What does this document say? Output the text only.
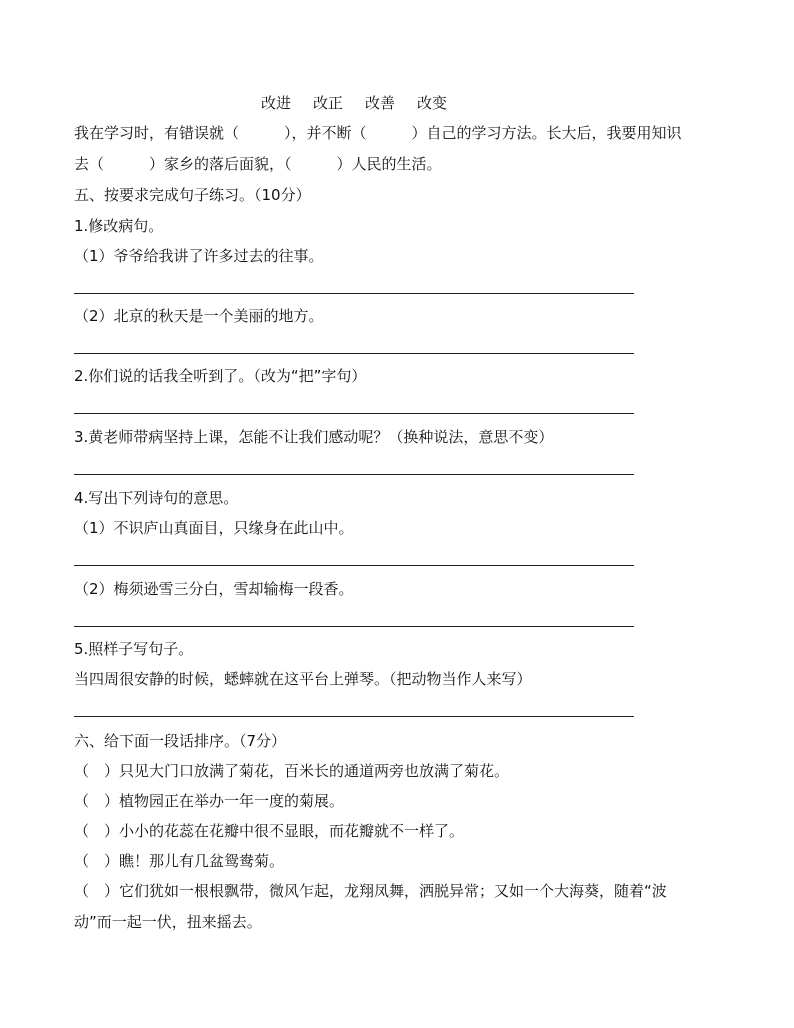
改进 改正 改善 改变
我在学习时，有错误就（　　　），并不断（　　　）自己的学习方法。长大后，我要用知识
去（　　　）家乡的落后面貌，（　　　）人民的生活。
五、按要求完成句子练习。（10分）
1.修改病句。
（1）爷爷给我讲了许多过去的往事。
（2）北京的秋天是一个美丽的地方。
2.你们说的话我全听到了。（改为“把”字句）
3.黄老师带病坚持上课，怎能不让我们感动呢？（换种说法，意思不变）
4.写出下列诗句的意思。
（1）不识庐山真面目，只缘身在此山中。
（2）梅须逊雪三分白，雪却输梅一段香。
5.照样子写句子。
当四周很安静的时候，蟋蟀就在这平台上弹琴。（把动物当作人来写）
六、给下面一段话排序。（7分）
（　）只见大门口放满了菊花，百米长的通道两旁也放满了菊花。
（　）植物园正在举办一年一度的菊展。
（　）小小的花蕊在花瓣中很不显眼，而花瓣就不一样了。
（　）瞧！那儿有几盆鸳鸯菊。
（　）它们犹如一根根飘带，微风乍起，龙翔凤舞，洒脱异常；又如一个大海葵，随着“波
动”而一起一伏，扭来摇去。
